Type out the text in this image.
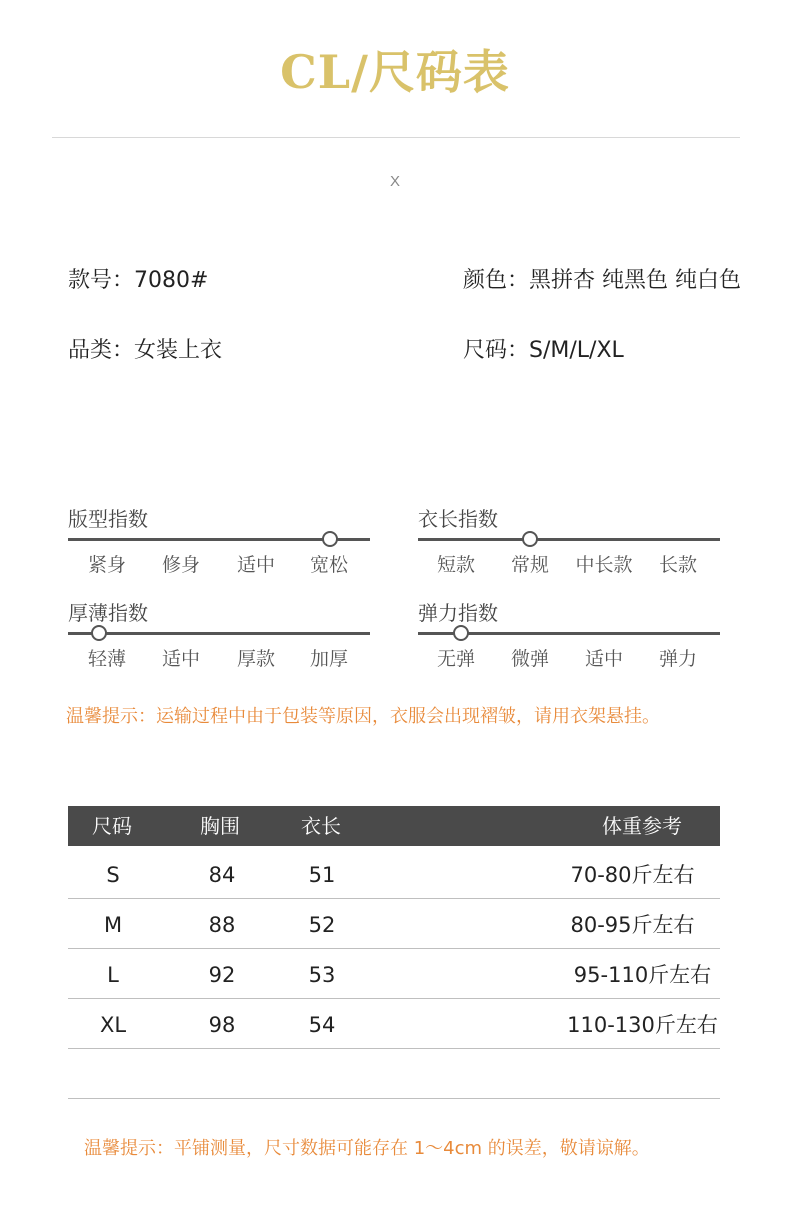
CL/尺码表
X
款号：7080#	颜色：黑拼杏 纯黑色 纯白色
品类：女装上衣	尺码：S/M/L/XL
版型指数
紧身	修身	适中	宽松
衣长指数
短款	常规	中长款	长款
厚薄指数
轻薄	适中	厚款	加厚
弹力指数
无弹	微弹	适中	弹力
温馨提示：运输过程中由于包装等原因，衣服会出现褶皱，请用衣架悬挂。
尺码	胸围	衣长	体重参考
S	84	51	70-80斤左右
M	88	52	80-95斤左右
L	92	53	95-110斤左右
XL	98	54	110-130斤左右
温馨提示：平铺测量，尺寸数据可能存在 1～4cm 的误差，敬请谅解。
